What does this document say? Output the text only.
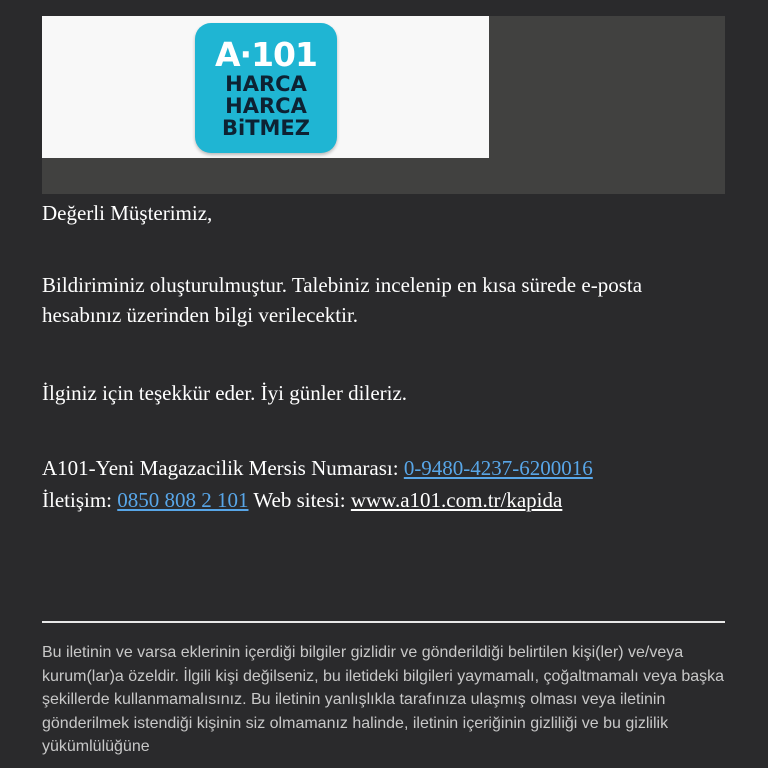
A·101
HARCA
HARCA
BiTMEZ

Değerli Müşterimiz,

Bildiriminiz oluşturulmuştur. Talebiniz incelenip en kısa sürede e-posta hesabınız üzerinden bilgi verilecektir.

İlginiz için teşekkür eder. İyi günler dileriz.

A101-Yeni Magazacilik Mersis Numarası: 0-9480-4237-6200016
İletişim: 0850 808 2 101 Web sitesi: www.a101.com.tr/kapida

Bu iletinin ve varsa eklerinin içerdiği bilgiler gizlidir ve gönderildiği belirtilen kişi(ler) ve/veya kurum(lar)a özeldir. İlgili kişi değilseniz, bu iletideki bilgileri yaymamalı, çoğaltmamalı veya başka şekillerde kullanmamalısınız. Bu iletinin yanlışlıkla tarafınıza ulaşmış olması veya iletinin gönderilmek istendiği kişinin siz olmamanız halinde, iletinin içeriğinin gizliliği ve bu gizlilik yükümlülüğüne
